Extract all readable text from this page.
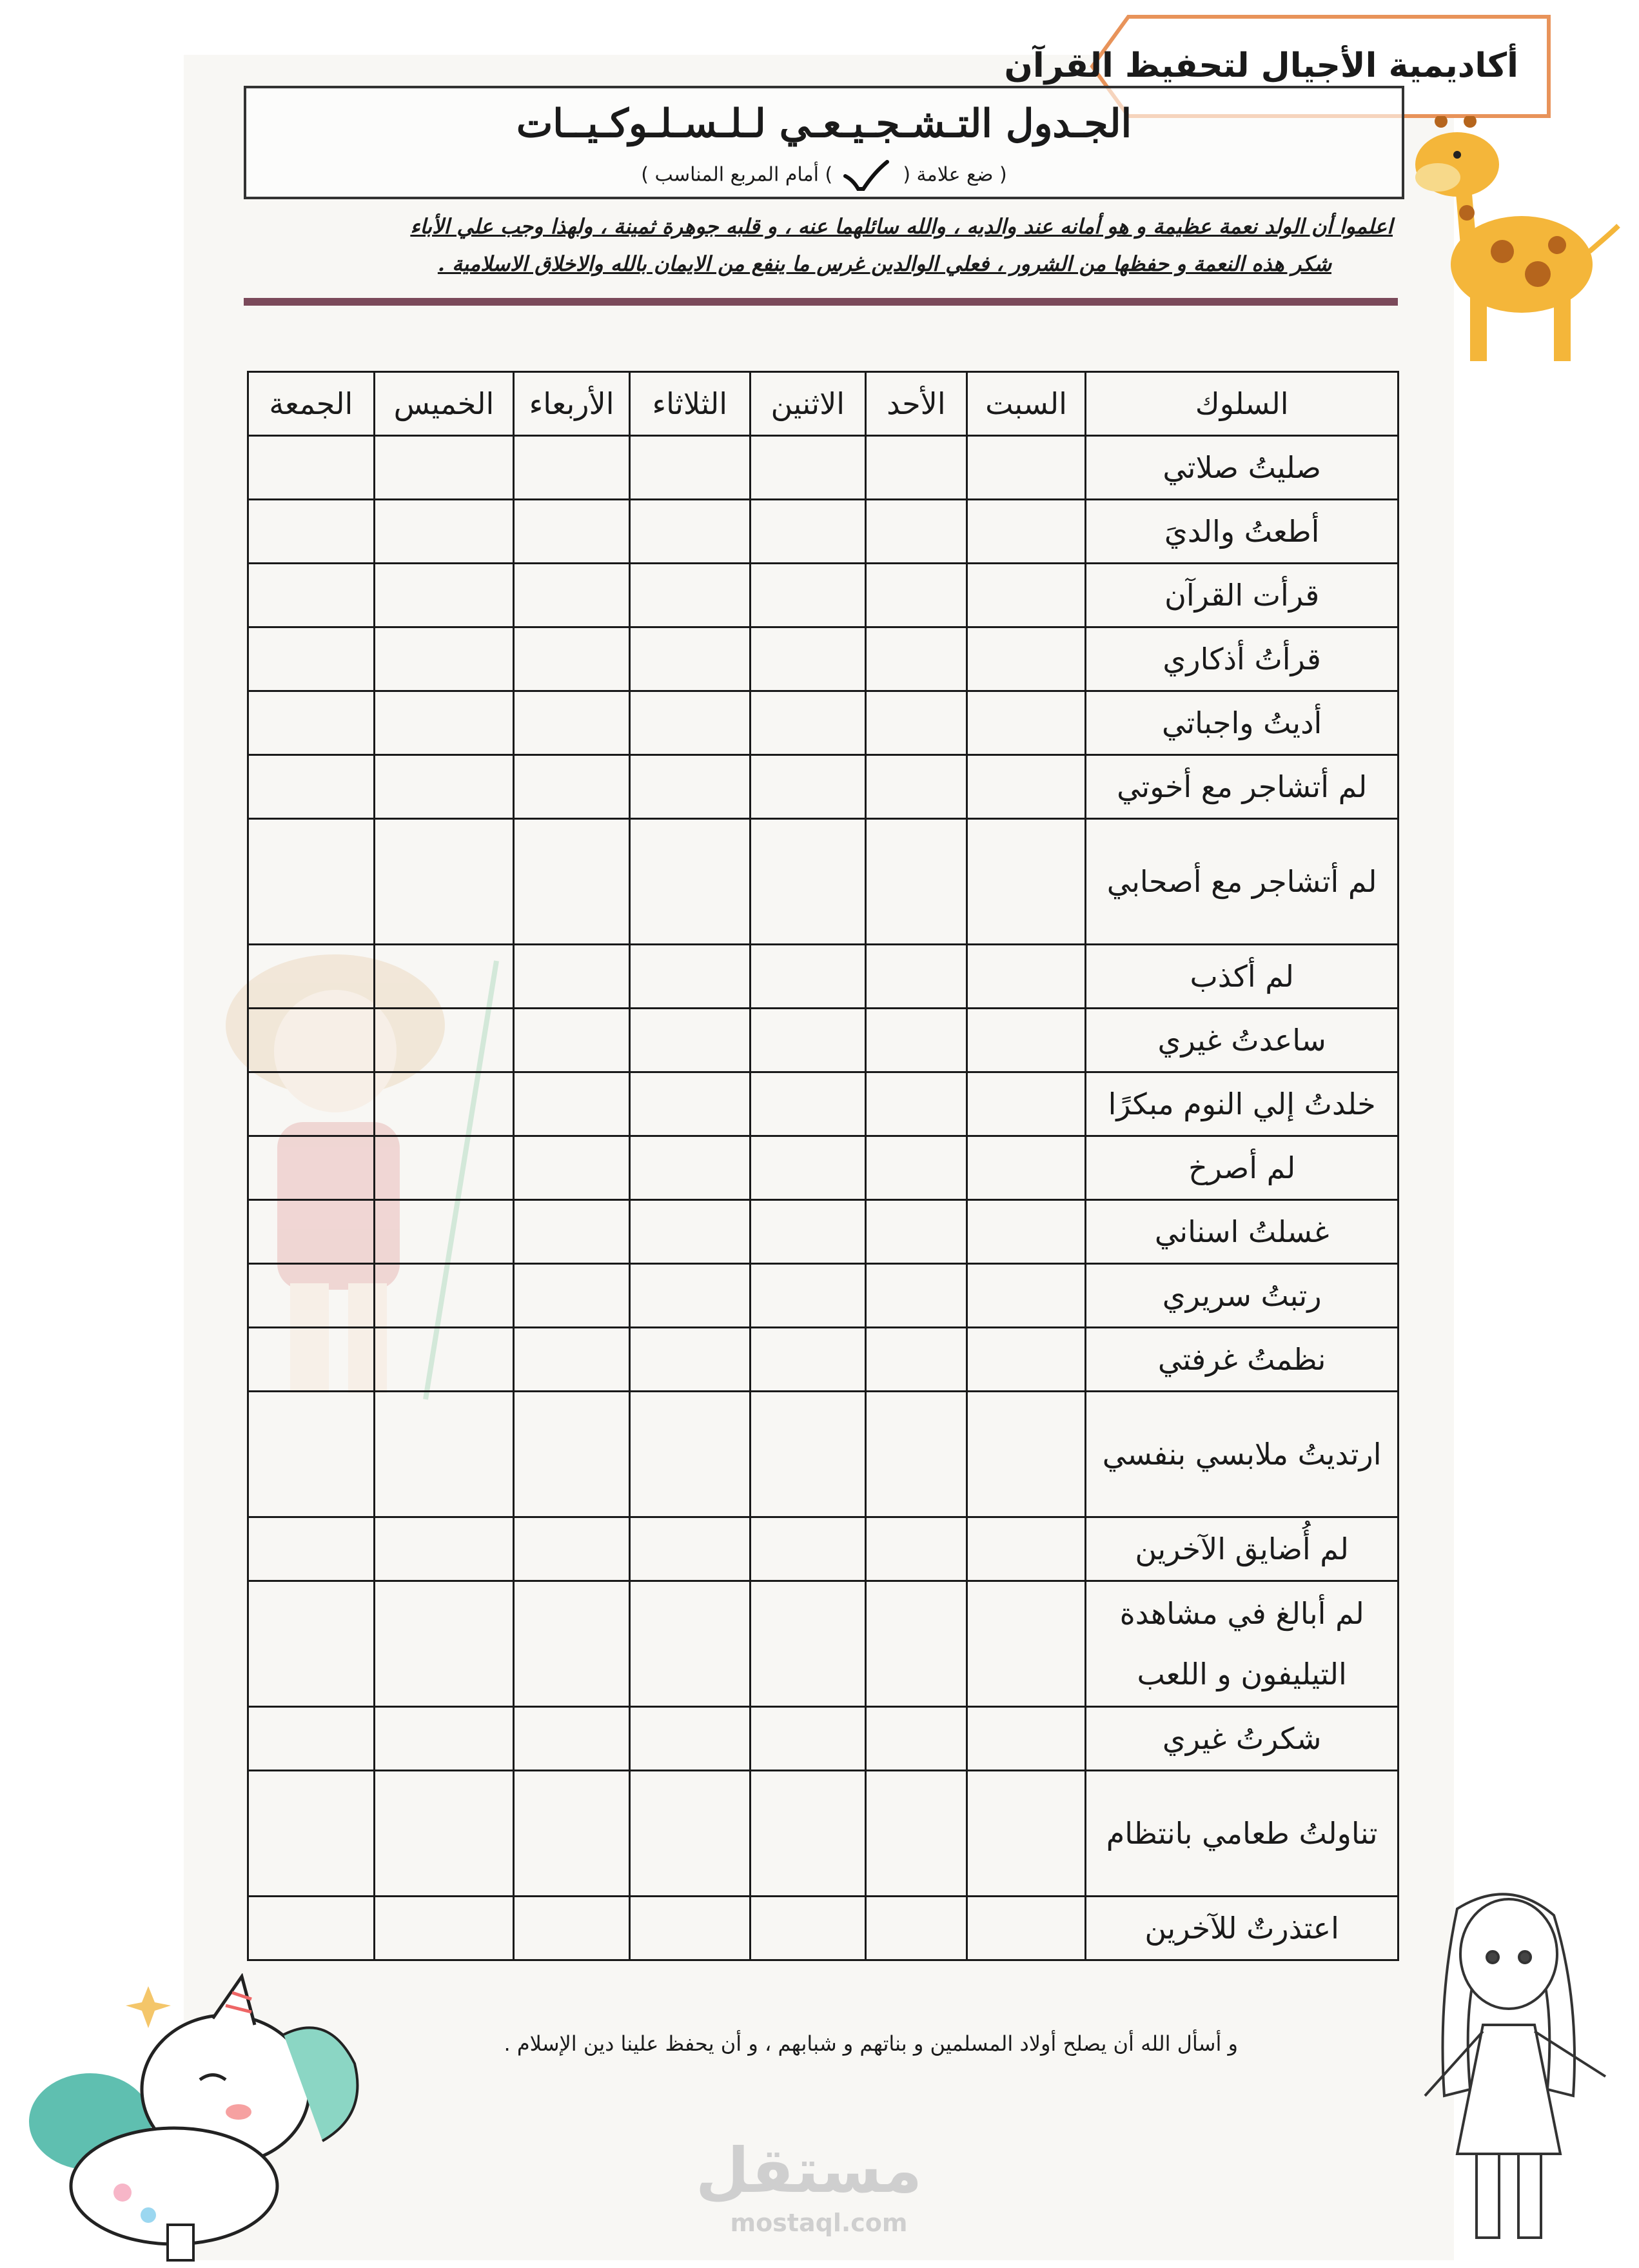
أكاديمية الأجيال لتحفيظ القرآن
الجـدول التـشـجـيـعـي لـلـسـلـوكـيــات
( ضع علامة (  ) أمام المربع المناسب )
اعلموا أن الولد نعمة عظيمة و هو أمانه عند والديه ، والله سائلهما عنه ، و قلبه جوهرة ثمينة ، ولهذا وجب علي الأباء
شكر هذه النعمة و حفظها من الشرور ، فعلي الوالدين غرس ما ينفع من الايمان بالله والاخلاق الاسلامية .
السلوك	السبت	الأحد	الاثنين	الثلاثاء	الأربعاء	الخميس	الجمعة
صليتُ صلاتي							
أطعتُ والديَ							
قرأت القرآن							
قرأتُ أذكاري							
أديتُ واجباتي							
لم أتشاجر مع أخوتي							
لم أتشاجر مع أصحابي							
لم أكذب							
ساعدتُ غيري							
خلدتُ إلي النوم مبكرًا							
لم أصرخ							
غسلتُ اسناني							
رتبتُ سريري							
نظمتُ غرفتي							
ارتديتُ ملابسي بنفسي							
لم أُضايق الآخرين							
لم أبالغ في مشاهدة التيليفون و اللعب							
شكرتُ غيري							
تناولتُ طعامي بانتظام							
اعتذرتٌ للآخرين							
و أسأل الله أن يصلح أولاد المسلمين و بناتهم و شبابهم ، و أن يحفظ علينا دين الإسلام .
مستقل
mostaql.com
